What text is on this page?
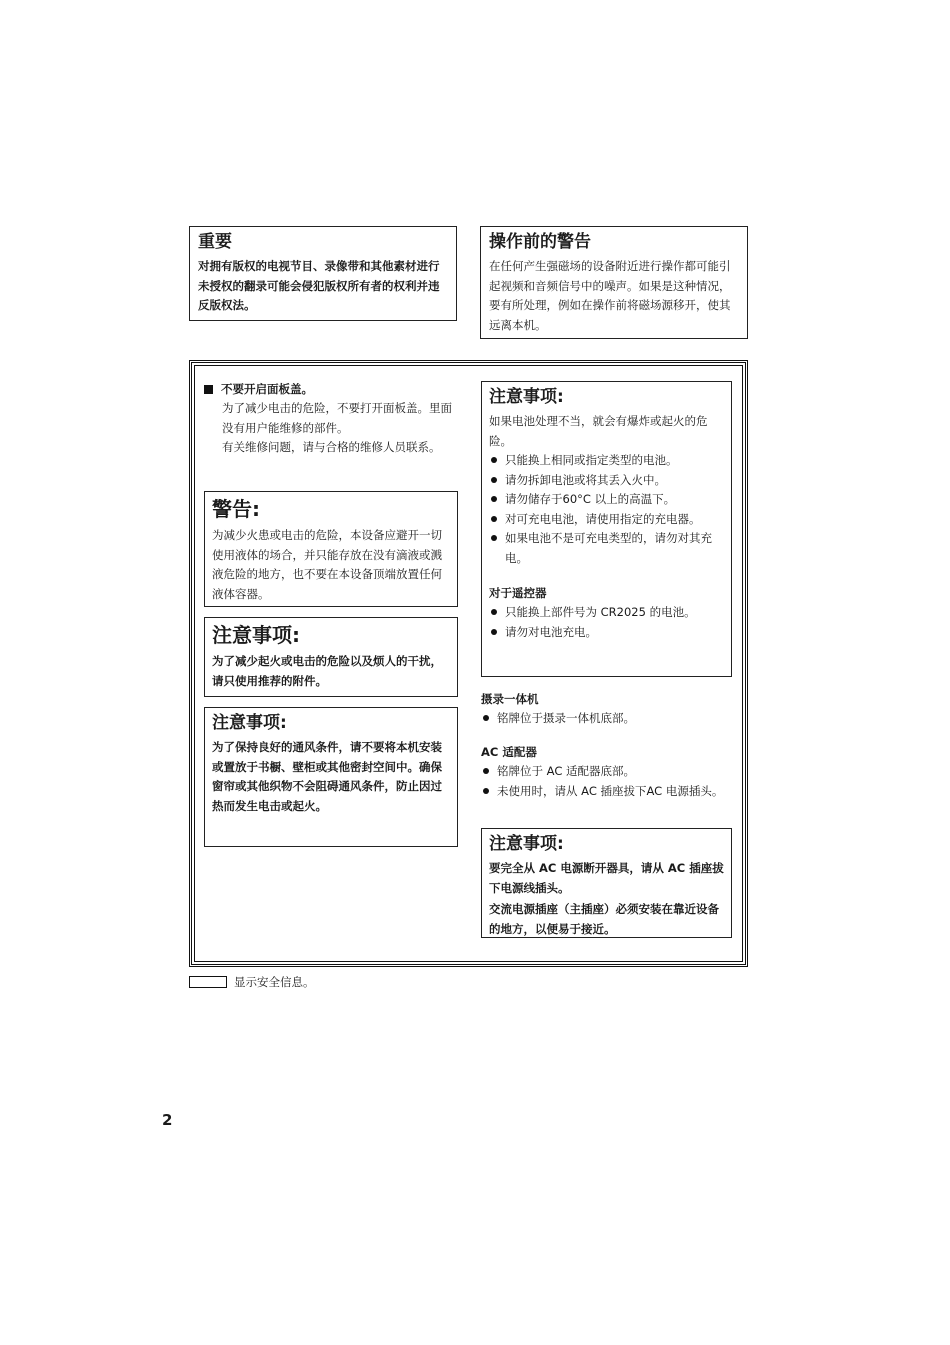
重要

对拥有版权的电视节目、录像带和其他素材进行未授权的翻录可能会侵犯版权所有者的权利并违反版权法。

操作前的警告

在任何产生强磁场的设备附近进行操作都可能引起视频和音频信号中的噪声。如果是这种情况，要有所处理，例如在操作前将磁场源移开，使其远离本机。

不要开启面板盖。

为了减少电击的危险，不要打开面板盖。里面没有用户能维修的部件。

有关维修问题，请与合格的维修人员联系。

警告:

为减少火患或电击的危险，本设备应避开一切使用液体的场合，并只能存放在没有滴液或溅液危险的地方，也不要在本设备顶端放置任何液体容器。

注意事项:

为了减少起火或电击的危险以及烦人的干扰，请只使用推荐的附件。

注意事项:

为了保持良好的通风条件，请不要将本机安装或置放于书橱、壁柜或其他密封空间中。确保窗帘或其他织物不会阻碍通风条件，防止因过热而发生电击或起火。

注意事项:

如果电池处理不当，就会有爆炸或起火的危险。

只能换上相同或指定类型的电池。
请勿拆卸电池或将其丢入火中。
请勿储存于60°C 以上的高温下。
对可充电电池，请使用指定的充电器。
如果电池不是可充电类型的，请勿对其充电。

对于遥控器

只能换上部件号为 CR2025 的电池。
请勿对电池充电。

摄录一体机

铭牌位于摄录一体机底部。

AC 适配器

铭牌位于 AC 适配器底部。
未使用时，请从 AC 插座拔下AC 电源插头。

注意事项:

要完全从 AC 电源断开器具，请从 AC 插座拔下电源线插头。

交流电源插座（主插座）必须安装在靠近设备的地方，以便易于接近。

显示安全信息。
2
